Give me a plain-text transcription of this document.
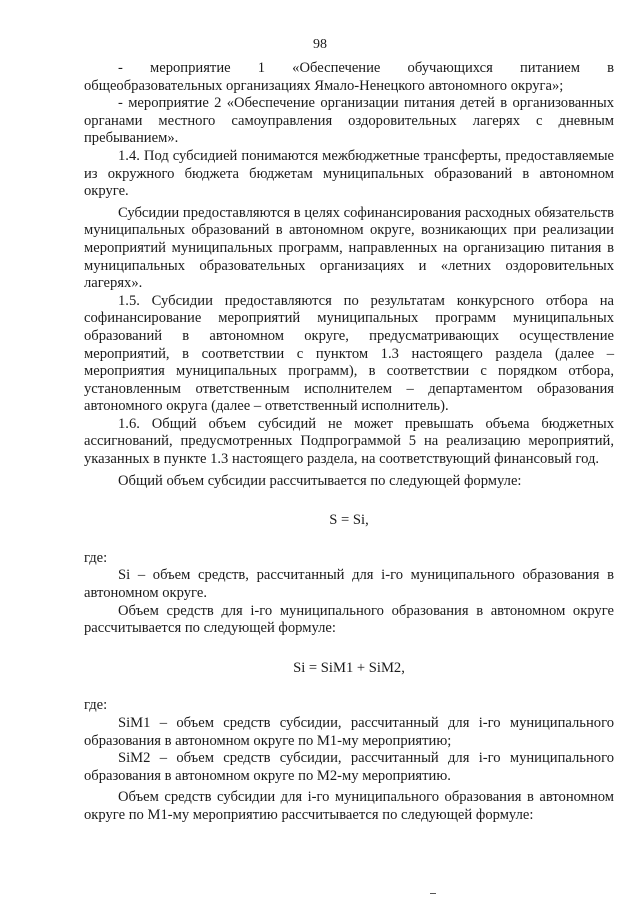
98

- мероприятие 1 «Обеспечение обучающихся питанием в общеобразовательных организациях Ямало-Ненецкого автономного округа»;

- мероприятие 2 «Обеспечение организации питания детей в организованных органами местного самоуправления оздоровительных лагерях с дневным пребыванием».

1.4. Под субсидией понимаются межбюджетные трансферты, предоставляемые из окружного бюджета бюджетам муниципальных образований в автономном округе.

Субсидии предоставляются в целях софинансирования расходных обязательств муниципальных образований в автономном округе, возникающих при реализации мероприятий муниципальных программ, направленных на организацию питания в муниципальных образовательных организациях и «летних оздоровительных лагерях».

1.5. Субсидии предоставляются по результатам конкурсного отбора на софинансирование мероприятий муниципальных программ муниципальных образований в автономном округе, предусматривающих осуществление мероприятий, в соответствии с пунктом 1.3 настоящего раздела (далее – мероприятия муниципальных программ), в соответствии с порядком отбора, установленным ответственным исполнителем – департаментом образования автономного округа (далее – ответственный исполнитель).

1.6. Общий объем субсидий не может превышать объема бюджетных ассигнований, предусмотренных Подпрограммой 5 на реализацию мероприятий, указанных в пункте 1.3 настоящего раздела, на соответствующий финансовый год.

Общий объем субсидии рассчитывается по следующей формуле:

S = Si,

где:

Si – объем средств, рассчитанный для i-го муниципального образования в автономном округе.

Объем средств для i-го муниципального образования в автономном округе рассчитывается по следующей формуле:

Si = SiM1 + SiM2,

где:

SiM1 – объем средств субсидии, рассчитанный для i-го муниципального образования в автономном округе по M1-му мероприятию;

SiM2 – объем средств субсидии, рассчитанный для i-го муниципального образования в автономном округе по M2-му мероприятию.

Объем средств субсидии для i-го муниципального образования в автономном округе по M1-му мероприятию рассчитывается по следующей формуле:
